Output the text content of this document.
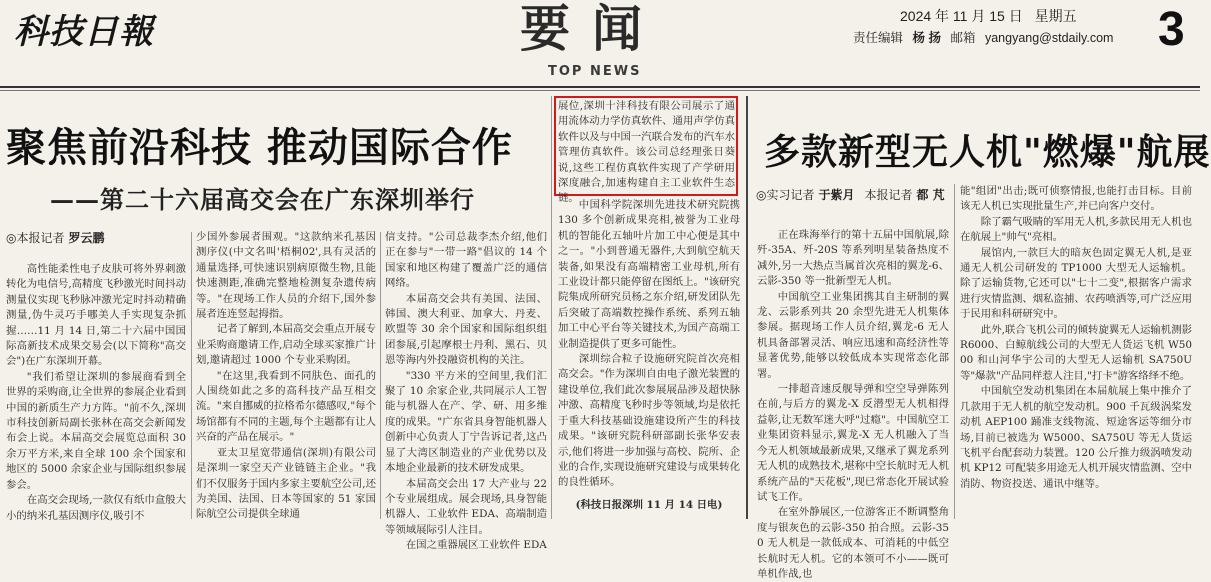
科技日報	要闻
TOP NEWS
2024 年 11 月 15 日 星期五
责任编辑 杨 扬 邮箱 yangyang@stdaily.com 3
聚焦前沿科技 推动国际合作
——第二十六届高交会在广东深圳举行
◎本报记者 罗云鹏

高性能柔性电子皮肤可将外界刺激转化为电信号,高精度飞秒激光时间抖动测量仪实现飞秒脉冲激光定时抖动精确测量,伪牛灵巧手哪美人手实现复杂抓握……11 月 14 日,第二十六届中国国际高新技术成果交易会(以下简称"高交会")在广东深圳开幕。

"我们希望让深圳的参展商看到全世界的采购商,让全世界的参展企业看到中国的新质生产力方阵。"前不久,深圳市科技创新局副长张林在高交会新闻发布会上说。本届高交会展览总面积 30 余万平方米,来自全球 100 余个国家和地区的 5000 余家企业与国际组织参展参会。

在高交会现场,一款仅有纸巾盒般大小的纳米孔基因测序仪,吸引不

少国外参展者围观。"这款纳米孔基因测序仪(中文名叫'梧桐02',具有灵活的通量选择,可快速识别病原微生物,且能快速测距,准确完整地检测复杂遗传病等。"在现场工作人员的介绍下,国外参展者连连竖起拇指。

记者了解到,本届高交会重点开展专业采购商邀请工作,启动全球买家推广计划,邀请超过 1000 个专业采购团。

"在这里,我看到不同肤色、面孔的人围绕如此之多的高科技产品互相交流。"来自挪威的拉格希尔德感叹,"每个场馆都有不同的主题,每个主题都有让人兴奋的产品在展示。"

亚太卫星宽带通信(深圳)有限公司是深圳一家空天产业链链主企业。"我们不仅服务于国内多家主要航空公司,还为美国、法国、日本等国家的 51 家国际航空公司提供全球通

信支持。"公司总裁李杰介绍,他们正在参与"一带一路"倡议的 14 个国家和地区构建了覆盖广泛的通信网络。

本届高交会共有美国、法国、韩国、澳大利亚、加拿大、丹麦、欧盟等 30 余个国家和国际组织组团参展,引起摩根士丹利、黑石、贝恩等海内外投融资机构的关注。

"330 平方米的空间里,我们汇聚了 10 余家企业,共同展示人工智能与机器人在产、学、研、用多维度的成果。"广东省具身智能机器人创新中心负责人丁宁告诉记者,这凸显了大湾区制造业的产业优势以及本地企业最新的技术研发成果。

本届高交会出 17 大产业与 22 个专业展组成。展会现场,具身智能机器人、工业软件 EDA、高端制造等领域展际引人注目。

在国之重器展区工业软件 EDA

展位,深圳十沣科技有限公司展示了通用流体动力学仿真软件、通用声学仿真软件以及与中国一汽联合发布的汽车水管理仿真软件。该公司总经理张日葵说,这些工程仿真软件实现了产学研用深度融合,加速构建自主工业软件生态链。

中国科学院深圳先进技术研究院携 130 多个创新成果亮相,被誉为工业母机的智能化五轴叶片加工中心便是其中之一。"小到普通无器件,大到航空航天装备,如果没有高端精密工业母机,所有工业设计都只能停留在图纸上。"该研究院集成所研究员杨之东介绍,研发团队先后突破了高端数控操作系统、系列五轴加工中心平台等关键技术,为国产高端工业制造提供了更多可能性。

深圳综合粒子设施研究院首次亮相高交会。"作为深圳自由电子激光装置的建设单位,我们此次参展展品涉及超快脉冲激、高精度飞秒时步等领域,均是依托于重大科技基础设施建设所产生的科技成果。"该研究院科研部副长张华安表示,他们将进一步加强与高校、院所、企业的合作,实现设施研究建设与成果转化的良性循环。

(科技日报深圳 11 月 14 日电)
多款新型无人机"燃爆"航展
◎实习记者 于紫月 本报记者 都 芃

正在珠海举行的第十五届中国航展,除歼-35A、歼-20S 等系列明星装备热度不减外,另一大热点当属首次亮相的翼龙-6、云影-350 等一批新型无人机。

中国航空工业集团携其自主研制的翼龙、云影系列共 20 余型先进无人机集体参展。据现场工作人员介绍,翼龙-6 无人机具备部署灵活、响应迅速和高经济性等显著优势,能够以较低成本实现常态化部署。

一排超音速反舰导弹和空空导弹陈列在前,与后方的翼龙-X 反潜型无人机相得益彰,让无数军迷大呼"过瘾"。中国航空工业集团资料显示,翼龙-X 无人机融入了当今无人机领域最新成果,又继承了翼龙系列无人机的成熟技术,堪称中空长航时无人机系统产品的"天花板",现已常态化开展试验试飞工作。

在室外静展区,一位游客正不断调整角度与银灰色的云影-350 拍合照。云影-350 无人机是一款低成本、可消耗的中低空长航时无人机。它的本领可不小——既可单机作战,也

能"组团"出击;既可侦察情报,也能打击目标。目前该无人机已实现批量生产,并已向客户交付。

除了霸气吸睛的军用无人机,多款民用无人机也在航展上"帅气"亮相。

展馆内,一款巨大的暗灰色固定翼无人机,是亚通无人机公司研发的 TP1000 大型无人运输机。除了运输货物,它还可以"七十二变",根据客户需求进行灾情监测、烟私盗捕、农药喷洒等,可广泛应用于民用和科研研究中。

此外,联合飞机公司的倾转旋翼无人运输机测影 R6000、白鲸航线公司的大型无人货运飞机 W5000 和山河华宇公司的大型无人运输机 SA750U 等"爆款"产品同样惹人注目,"打卡"游客络绎不绝。

中国航空发动机集团在本届航展上集中推介了几款用于无人机的航空发动机。900 千瓦级涡桨发动机 AEP100 踊准支线物流、短途客运等细分市场,目前已被选为 W5000、SA750U 等无人货运飞机平台配套动力装置。120 公斤推力级涡喷发动机 KP12 可配装多用途无人机开展灾情监测、空中消防、物资投送、通讯中继等。
